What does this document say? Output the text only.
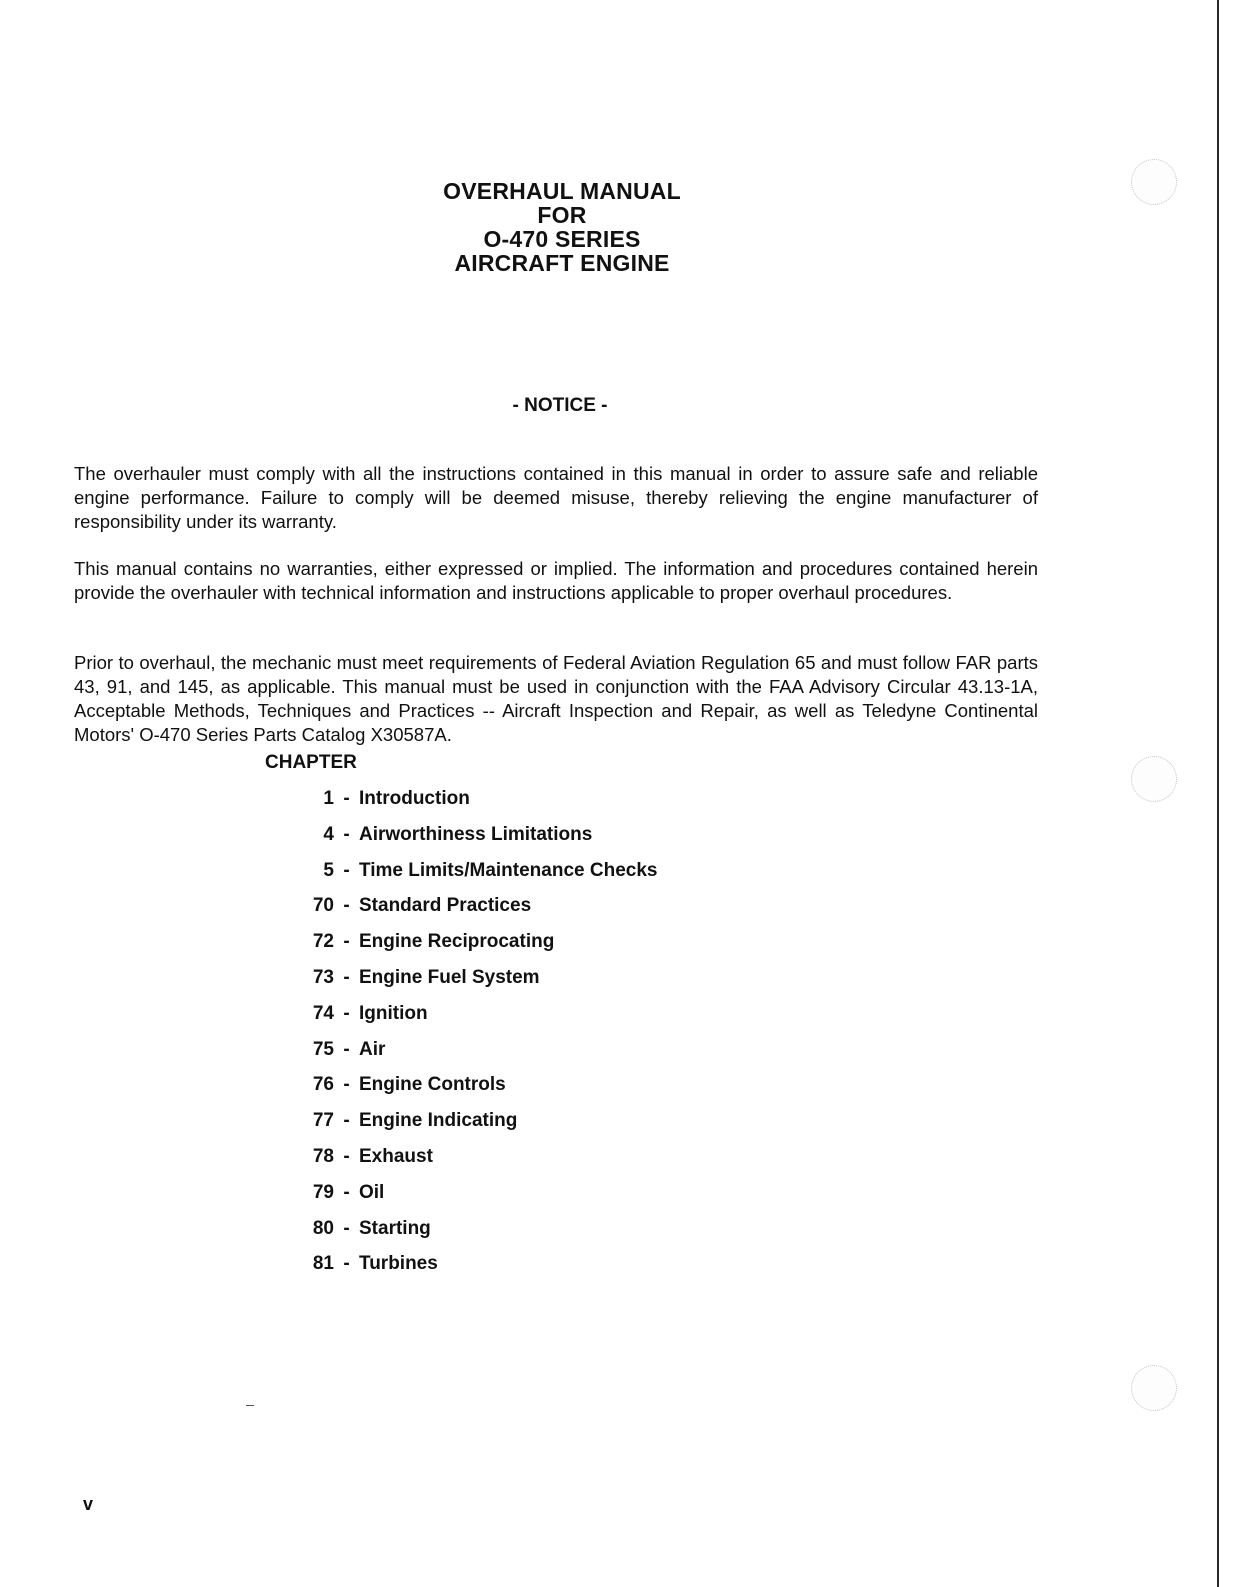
OVERHAUL MANUAL
FOR
O-470 SERIES
AIRCRAFT ENGINE
- NOTICE -

The overhauler must comply with all the instructions contained in this manual in order to assure safe and reliable engine performance. Failure to comply will be deemed misuse, thereby relieving the engine manufacturer of responsibility under its warranty.

This manual contains no warranties, either expressed or implied. The information and procedures contained herein provide the overhauler with technical information and instructions applicable to proper overhaul procedures.

Prior to overhaul, the mechanic must meet requirements of Federal Aviation Regulation 65 and must follow FAR parts 43, 91, and 145, as applicable. This manual must be used in conjunction with the FAA Advisory Circular 43.13-1A, Acceptable Methods, Techniques and Practices -- Aircraft Inspection and Repair, as well as Teledyne Continental Motors' O-470 Series Parts Catalog X30587A.

CHAPTER
1 - Introduction
4 - Airworthiness Limitations
5 - Time Limits/Maintenance Checks
70 - Standard Practices
72 - Engine Reciprocating
73 - Engine Fuel System
74 - Ignition
75 - Air
76 - Engine Controls
77 - Engine Indicating
78 - Exhaust
79 - Oil
80 - Starting
81 - Turbines
v
